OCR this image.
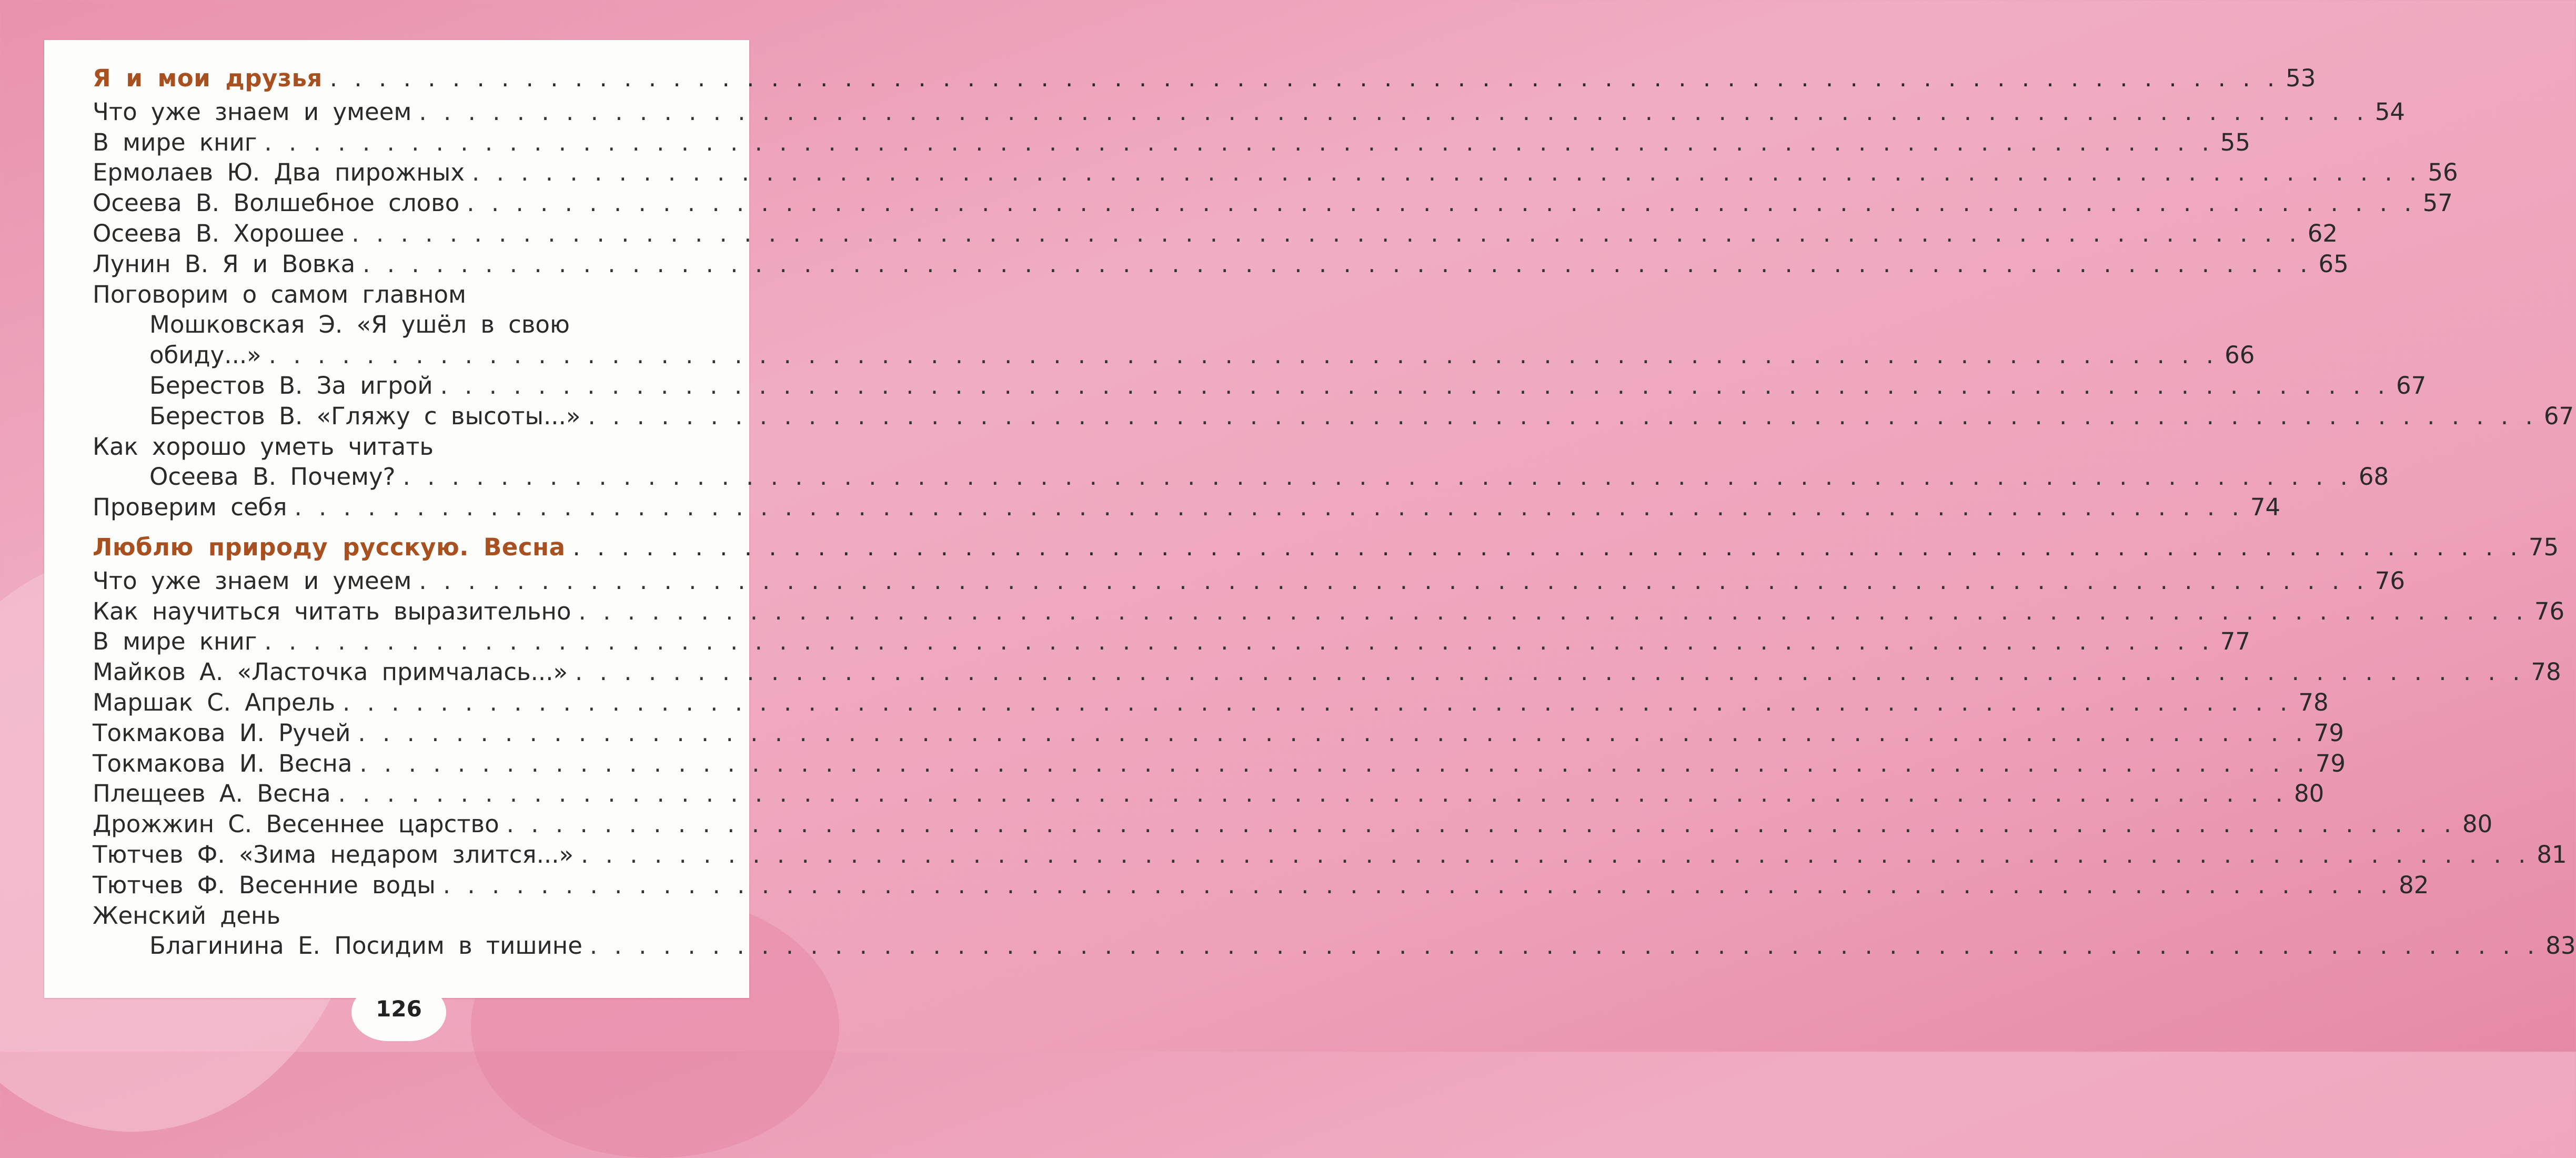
Я и мои друзья . . . . . . . . . . . . . . . . . . . . . . . . . . . . . . . . . . . . . . . . . . . . . . . . . . . . . . . . . . . . . . . . . . . . . . . . . . . . . . . . 53
Что уже знаем и умеем . . . . . . . . . . . . . . . . . . . . . . . . . . . . . . . . . . . . . . . . . . . . . . . . . . . . . . . . . . . . . . . . . . . . . . . . . . . . . . . . 54
В мире книг . . . . . . . . . . . . . . . . . . . . . . . . . . . . . . . . . . . . . . . . . . . . . . . . . . . . . . . . . . . . . . . . . . . . . . . . . . . . . . . . 55
Ермолаев Ю. Два пирожных . . . . . . . . . . . . . . . . . . . . . . . . . . . . . . . . . . . . . . . . . . . . . . . . . . . . . . . . . . . . . . . . . . . . . . . . . . . . . . . . 56
Осеева В. Волшебное слово . . . . . . . . . . . . . . . . . . . . . . . . . . . . . . . . . . . . . . . . . . . . . . . . . . . . . . . . . . . . . . . . . . . . . . . . . . . . . . . . 57
Осеева В. Хорошее . . . . . . . . . . . . . . . . . . . . . . . . . . . . . . . . . . . . . . . . . . . . . . . . . . . . . . . . . . . . . . . . . . . . . . . . . . . . . . . . 62
Лунин В. Я и Вовка . . . . . . . . . . . . . . . . . . . . . . . . . . . . . . . . . . . . . . . . . . . . . . . . . . . . . . . . . . . . . . . . . . . . . . . . . . . . . . . . 65
Поговорим о самом главном
Мошковская Э. «Я ушёл в свою
обиду...» . . . . . . . . . . . . . . . . . . . . . . . . . . . . . . . . . . . . . . . . . . . . . . . . . . . . . . . . . . . . . . . . . . . . . . . . . . . . . . . . 66
Берестов В. За игрой . . . . . . . . . . . . . . . . . . . . . . . . . . . . . . . . . . . . . . . . . . . . . . . . . . . . . . . . . . . . . . . . . . . . . . . . . . . . . . . . 67
Берестов В. «Гляжу с высоты...» . . . . . . . . . . . . . . . . . . . . . . . . . . . . . . . . . . . . . . . . . . . . . . . . . . . . . . . . . . . . . . . . . . . . . . . . . . . . . . . . 67
Как хорошо уметь читать
Осеева В. Почему? . . . . . . . . . . . . . . . . . . . . . . . . . . . . . . . . . . . . . . . . . . . . . . . . . . . . . . . . . . . . . . . . . . . . . . . . . . . . . . . . 68
Проверим себя . . . . . . . . . . . . . . . . . . . . . . . . . . . . . . . . . . . . . . . . . . . . . . . . . . . . . . . . . . . . . . . . . . . . . . . . . . . . . . . . 74
Люблю природу русскую. Весна . . . . . . . . . . . . . . . . . . . . . . . . . . . . . . . . . . . . . . . . . . . . . . . . . . . . . . . . . . . . . . . . . . . . . . . . . . . . . . . . 75
Что уже знаем и умеем . . . . . . . . . . . . . . . . . . . . . . . . . . . . . . . . . . . . . . . . . . . . . . . . . . . . . . . . . . . . . . . . . . . . . . . . . . . . . . . . 76
Как научиться читать выразительно . . . . . . . . . . . . . . . . . . . . . . . . . . . . . . . . . . . . . . . . . . . . . . . . . . . . . . . . . . . . . . . . . . . . . . . . . . . . . . . . 76
В мире книг . . . . . . . . . . . . . . . . . . . . . . . . . . . . . . . . . . . . . . . . . . . . . . . . . . . . . . . . . . . . . . . . . . . . . . . . . . . . . . . . 77
Майков А. «Ласточка примчалась...» . . . . . . . . . . . . . . . . . . . . . . . . . . . . . . . . . . . . . . . . . . . . . . . . . . . . . . . . . . . . . . . . . . . . . . . . . . . . . . . . 78
Маршак С. Апрель . . . . . . . . . . . . . . . . . . . . . . . . . . . . . . . . . . . . . . . . . . . . . . . . . . . . . . . . . . . . . . . . . . . . . . . . . . . . . . . . 78
Токмакова И. Ручей . . . . . . . . . . . . . . . . . . . . . . . . . . . . . . . . . . . . . . . . . . . . . . . . . . . . . . . . . . . . . . . . . . . . . . . . . . . . . . . . 79
Токмакова И. Весна . . . . . . . . . . . . . . . . . . . . . . . . . . . . . . . . . . . . . . . . . . . . . . . . . . . . . . . . . . . . . . . . . . . . . . . . . . . . . . . . 79
Плещеев А. Весна . . . . . . . . . . . . . . . . . . . . . . . . . . . . . . . . . . . . . . . . . . . . . . . . . . . . . . . . . . . . . . . . . . . . . . . . . . . . . . . . 80
Дрожжин С. Весеннее царство . . . . . . . . . . . . . . . . . . . . . . . . . . . . . . . . . . . . . . . . . . . . . . . . . . . . . . . . . . . . . . . . . . . . . . . . . . . . . . . . 80
Тютчев Ф. «Зима недаром злится...» . . . . . . . . . . . . . . . . . . . . . . . . . . . . . . . . . . . . . . . . . . . . . . . . . . . . . . . . . . . . . . . . . . . . . . . . . . . . . . . . 81
Тютчев Ф. Весенние воды . . . . . . . . . . . . . . . . . . . . . . . . . . . . . . . . . . . . . . . . . . . . . . . . . . . . . . . . . . . . . . . . . . . . . . . . . . . . . . . . 82
Женский день
Благинина Е. Посидим в тишине . . . . . . . . . . . . . . . . . . . . . . . . . . . . . . . . . . . . . . . . . . . . . . . . . . . . . . . . . . . . . . . . . . . . . . . . . . . . . . . . 83
126
